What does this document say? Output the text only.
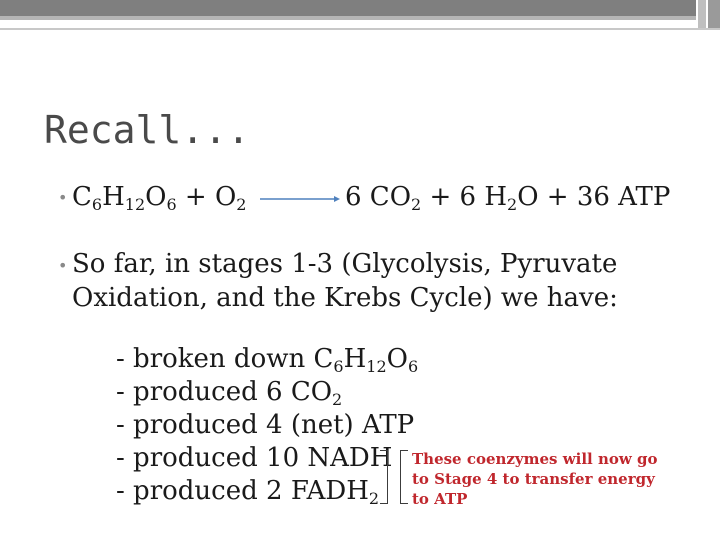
Recall...
• $C_6H_{12}O_6 + O_2$	6 $CO_2 + 6$ $H_2O + 36$ ATP
• So far, in stages 1-3 (Glycolysis, Pyruvate
Oxidation, and the Krebs Cycle) we have:
- broken down $C_6H_{12}O_6$
- produced 6 $CO_2$
- produced 4 (net) ATP
- produced 10 NADH
- produced 2 $FADH_2$
These coenzymes will now go to Stage 4 to transfer energy to ATP
